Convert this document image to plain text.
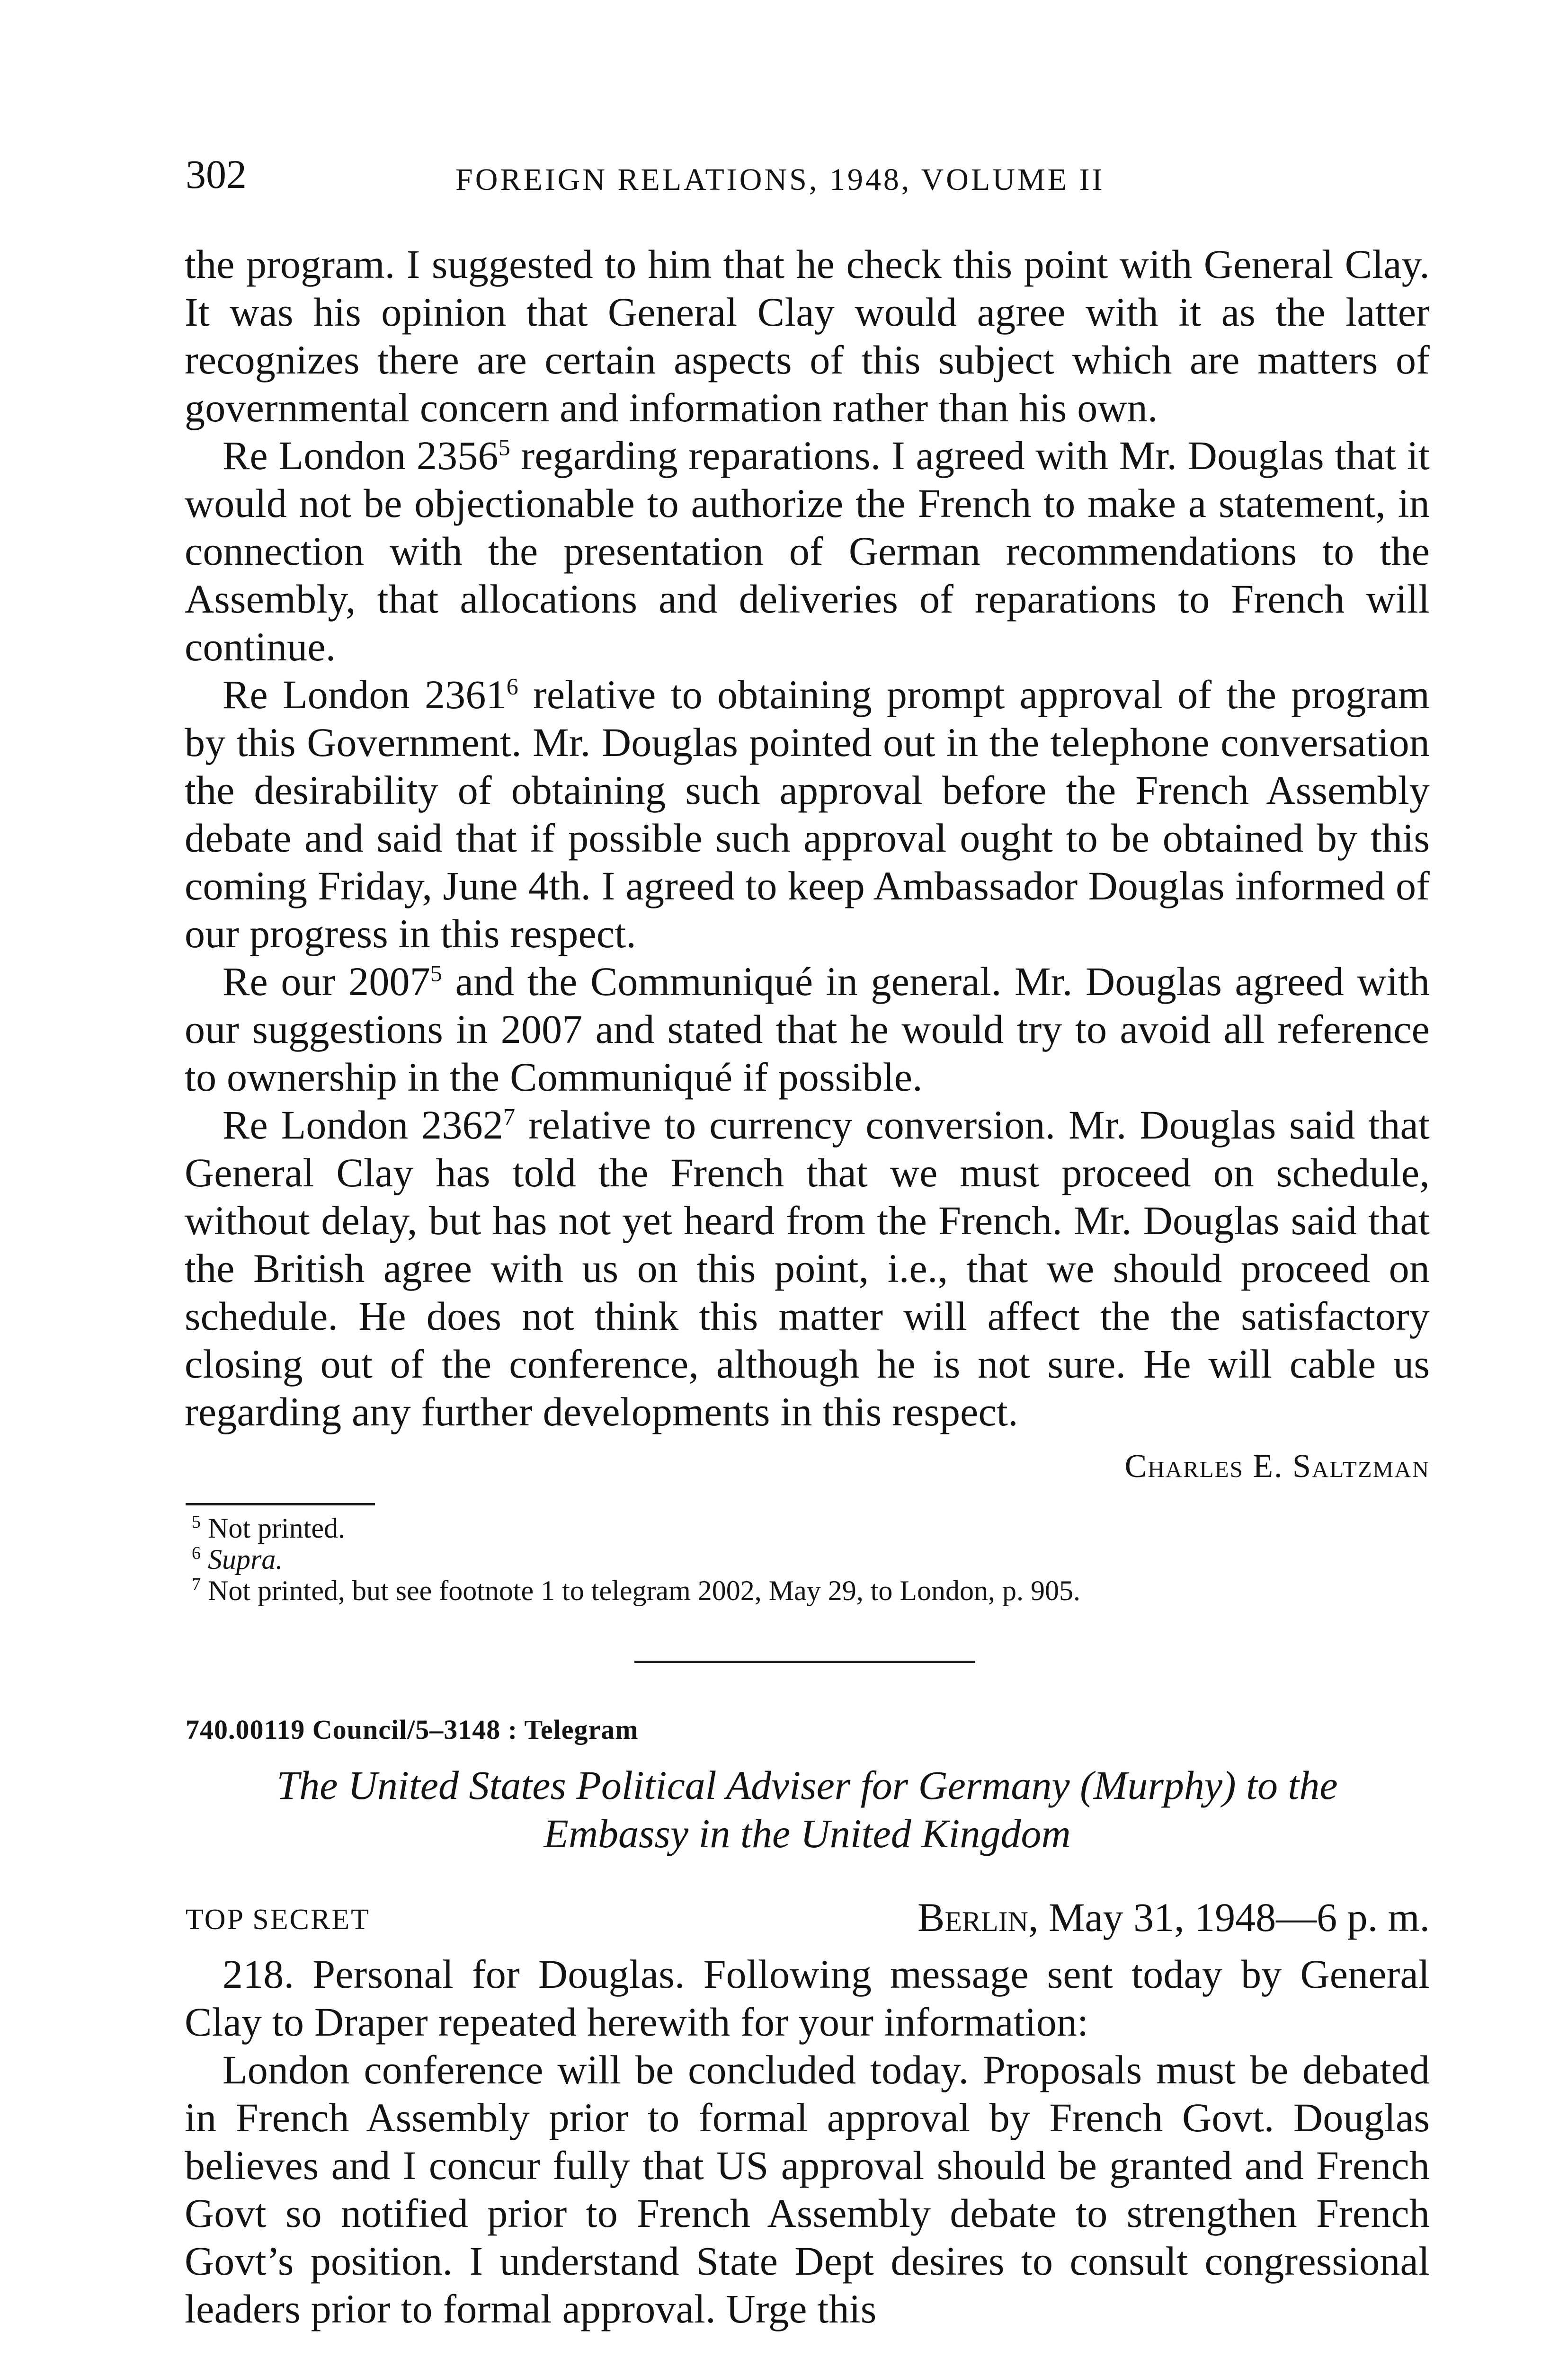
302	FOREIGN RELATIONS, 1948, VOLUME II

the program. I suggested to him that he check this point with General Clay. It was his opinion that General Clay would agree with it as the latter recognizes there are certain aspects of this subject which are matters of governmental concern and information rather than his own.

Re London 2356$^5$ regarding reparations. I agreed with Mr. Douglas that it would not be objectionable to authorize the French to make a statement, in connection with the presentation of German recommendations to the Assembly, that allocations and deliveries of reparations to French will continue.

Re London 2361$^6$ relative to obtaining prompt approval of the program by this Government. Mr. Douglas pointed out in the telephone conversation the desirability of obtaining such approval before the French Assembly debate and said that if possible such approval ought to be obtained by this coming Friday, June 4th. I agreed to keep Ambassador Douglas informed of our progress in this respect.

Re our 2007$^5$ and the Communiqué in general. Mr. Douglas agreed with our suggestions in 2007 and stated that he would try to avoid all reference to ownership in the Communiqué if possible.

Re London 2362$^7$ relative to currency conversion. Mr. Douglas said that General Clay has told the French that we must proceed on schedule, without delay, but has not yet heard from the French. Mr. Douglas said that the British agree with us on this point, i.e., that we should proceed on schedule. He does not think this matter will affect the the satisfactory closing out of the conference, although he is not sure. He will cable us regarding any further developments in this respect.

Charles E. Saltzman
$^5$ Not printed.
$^6$ Supra.
$^7$ Not printed, but see footnote 1 to telegram 2002, May 29, to London, p. 905.
740.00119 Council/5–3148 : Telegram
The United States Political Adviser for Germany (Murphy) to the
Embassy in the United Kingdom
TOP SECRET	Berlin, May 31, 1948—6 p. m.

218. Personal for Douglas. Following message sent today by General Clay to Draper repeated herewith for your information:

London conference will be concluded today. Proposals must be debated in French Assembly prior to formal approval by French Govt. Douglas believes and I concur fully that US approval should be granted and French Govt so notified prior to French Assembly debate to strengthen French Govt’s position. I understand State Dept desires to consult congressional leaders prior to formal approval. Urge this
